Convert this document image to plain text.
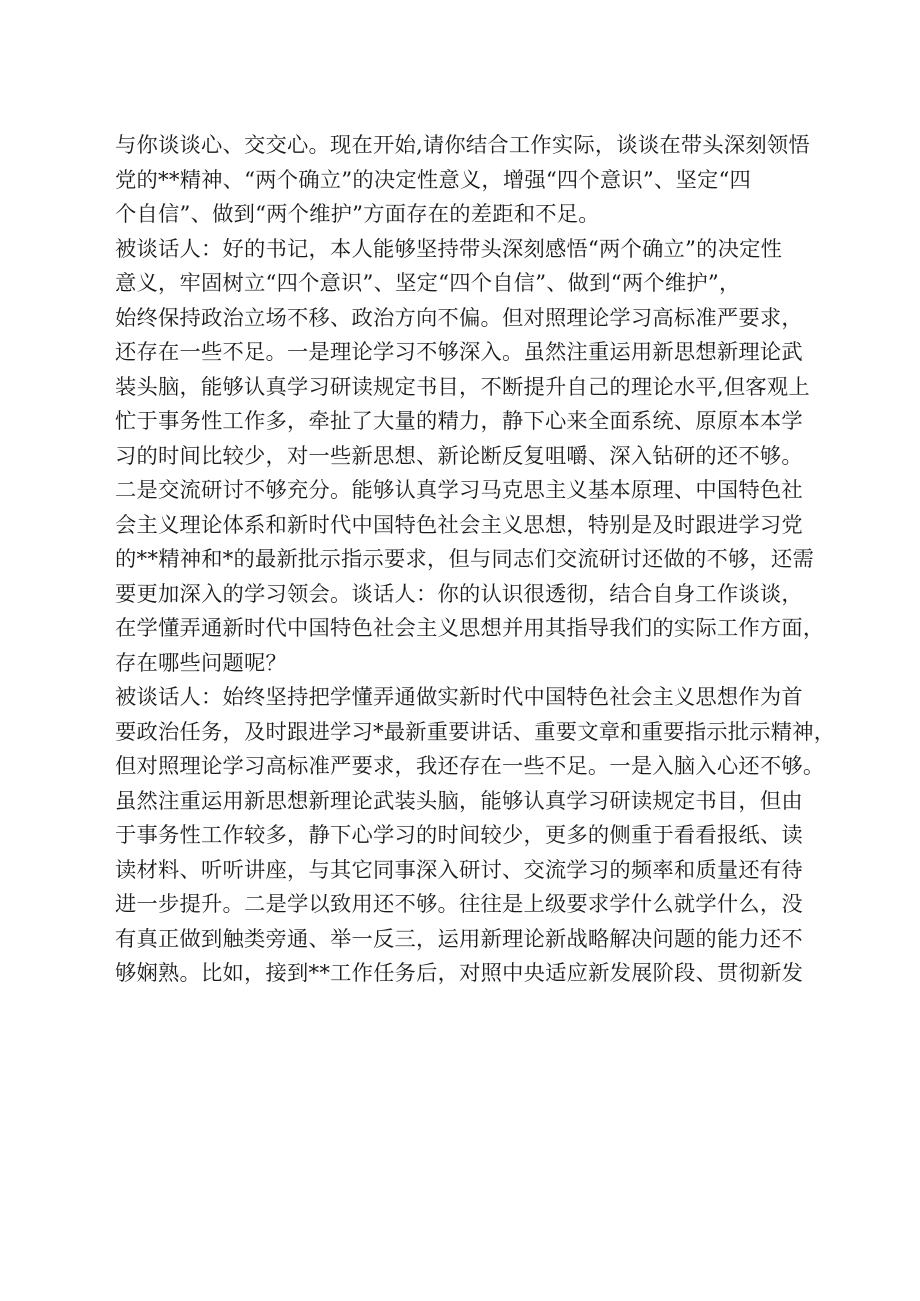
与你谈谈心、交交心。现在开始,请你结合工作实际，谈谈在带头深刻领悟
党的**精神、“两个确立”的决定性意义，增强“四个意识”、坚定“四
个自信”、做到“两个维护”方面存在的差距和不足。
被谈话人：好的书记，本人能够坚持带头深刻感悟“两个确立”的决定性
意义，牢固树立“四个意识”、坚定“四个自信”、做到“两个维护”，
始终保持政治立场不移、政治方向不偏。但对照理论学习高标准严要求，
还存在一些不足。一是理论学习不够深入。虽然注重运用新思想新理论武
装头脑，能够认真学习研读规定书目，不断提升自己的理论水平,但客观上
忙于事务性工作多，牵扯了大量的精力，静下心来全面系统、原原本本学
习的时间比较少，对一些新思想、新论断反复咀嚼、深入钻研的还不够。
二是交流研讨不够充分。能够认真学习马克思主义基本原理、中国特色社
会主义理论体系和新时代中国特色社会主义思想，特别是及时跟进学习党
的**精神和*的最新批示指示要求，但与同志们交流研讨还做的不够，还需
要更加深入的学习领会。谈话人：你的认识很透彻，结合自身工作谈谈，
在学懂弄通新时代中国特色社会主义思想并用其指导我们的实际工作方面，
存在哪些问题呢？
被谈话人：始终坚持把学懂弄通做实新时代中国特色社会主义思想作为首
要政治任务，及时跟进学习*最新重要讲话、重要文章和重要指示批示精神，
但对照理论学习高标准严要求，我还存在一些不足。一是入脑入心还不够。
虽然注重运用新思想新理论武装头脑，能够认真学习研读规定书目，但由
于事务性工作较多，静下心学习的时间较少，更多的侧重于看看报纸、读
读材料、听听讲座，与其它同事深入研讨、交流学习的频率和质量还有待
进一步提升。二是学以致用还不够。往往是上级要求学什么就学什么，没
有真正做到触类旁通、举一反三，运用新理论新战略解决问题的能力还不
够娴熟。比如，接到**工作任务后，对照中央适应新发展阶段、贯彻新发
